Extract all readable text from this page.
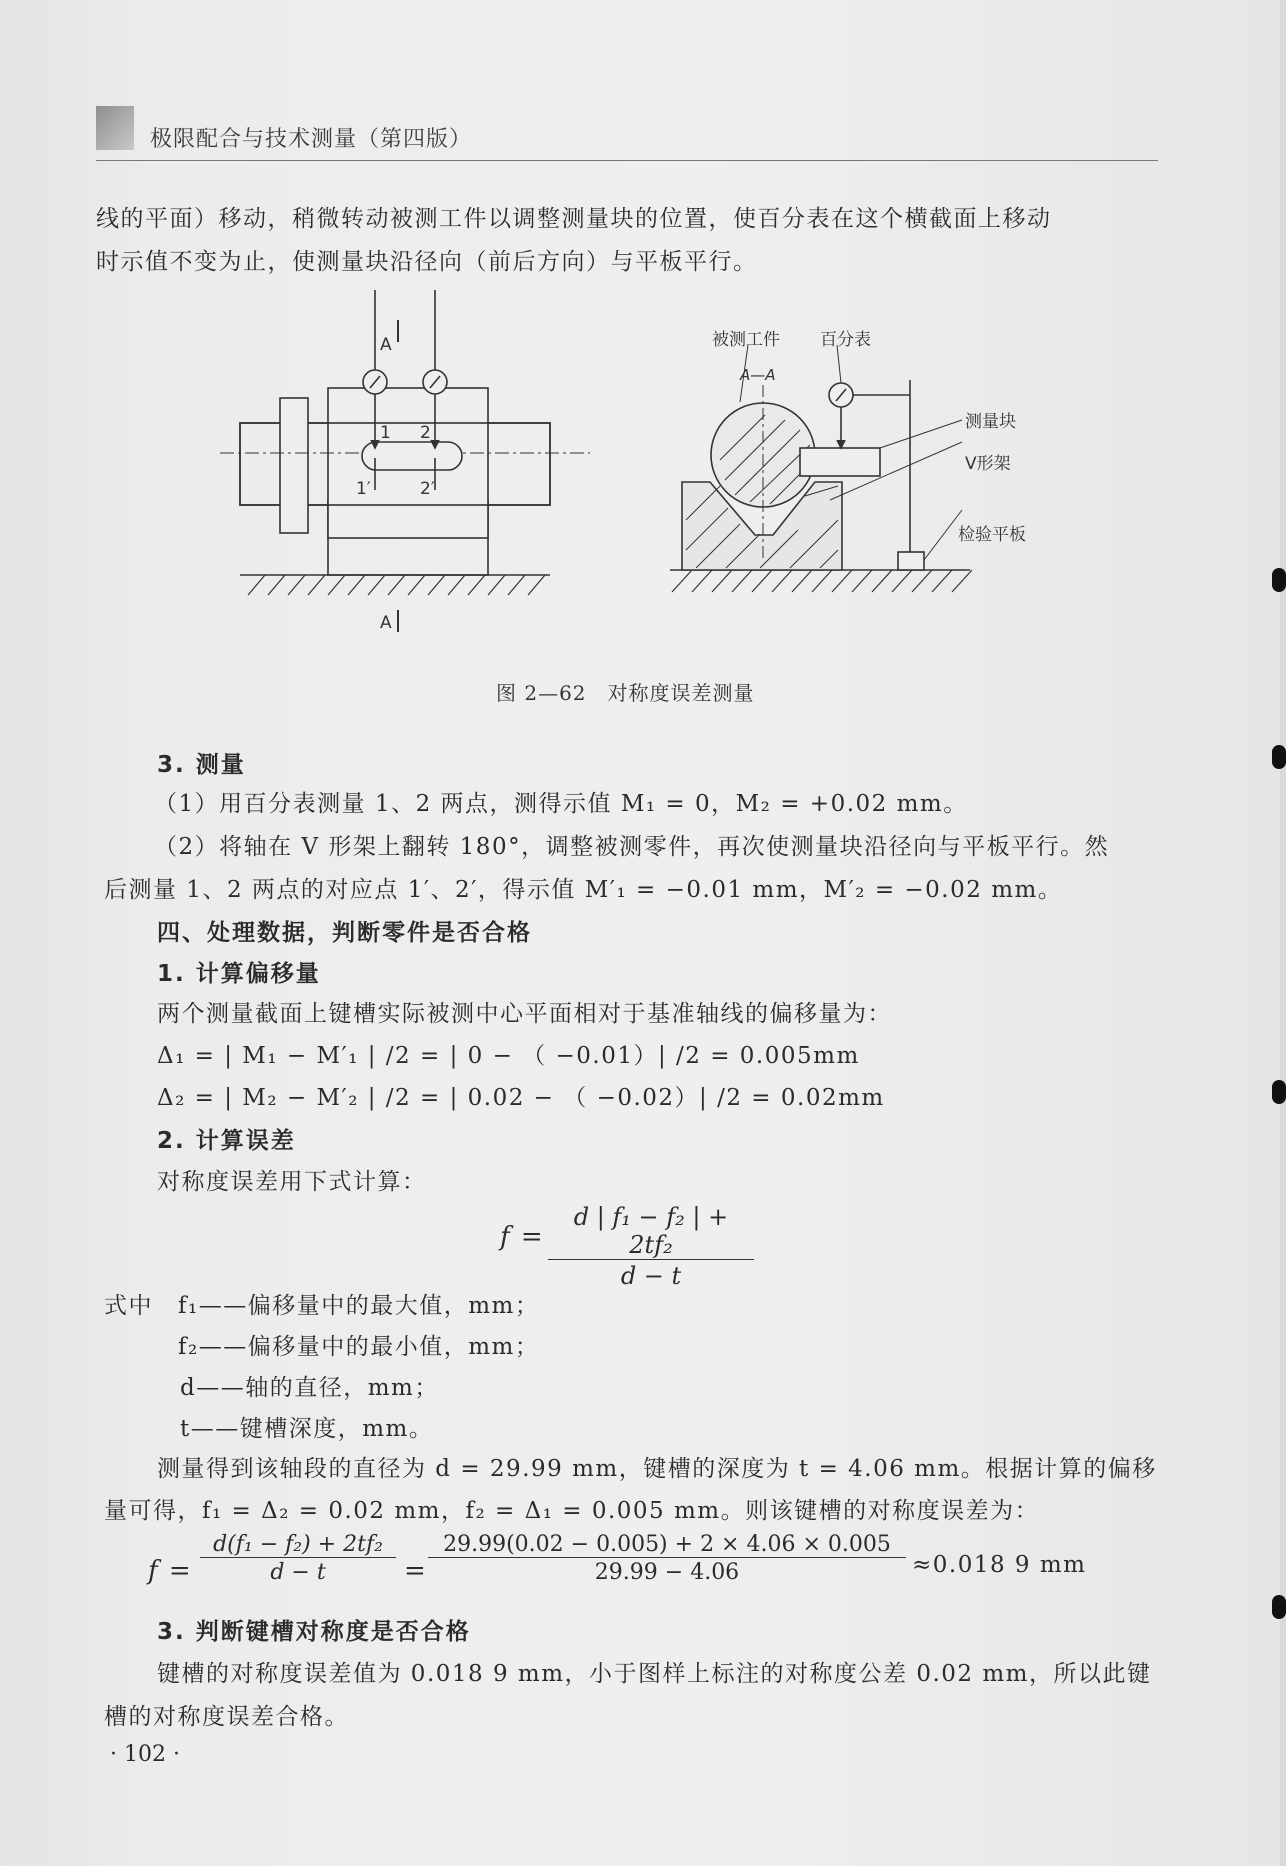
极限配合与技术测量（第四版）
线的平面）移动，稍微转动被测工件以调整测量块的位置，使百分表在这个横截面上移动
时示值不变为止，使测量块沿径向（前后方向）与平板平行。
A
A
1 2
1′	2′
被测工件 百分表
A—A
测量块
V形架
检验平板
图 2—62　对称度误差测量
3. 测量
（1）用百分表测量 1、2 两点，测得示值 M₁ = 0，M₂ = +0.02 mm。
（2）将轴在 V 形架上翻转 180°，调整被测零件，再次使测量块沿径向与平板平行。然
后测量 1、2 两点的对应点 1′、2′，得示值 M′₁ = −0.01 mm，M′₂ = −0.02 mm。
四、处理数据，判断零件是否合格
1. 计算偏移量
两个测量截面上键槽实际被测中心平面相对于基准轴线的偏移量为：
Δ₁ = | M₁ − M′₁ | /2 = | 0 − （ −0.01）| /2 = 0.005mm
Δ₂ = | M₂ − M′₂ | /2 = | 0.02 − （ −0.02）| /2 = 0.02mm
2. 计算误差
对称度误差用下式计算：
$f = \frac{\text{d | f₁ − f₂ | + 2tf₂}}{d - t}$
式中 f₁——偏移量中的最大值，mm；
f₂——偏移量中的最小值，mm；
d——轴的直径，mm；
t——键槽深度，mm。
测量得到该轴段的直径为 d = 29.99 mm，键槽的深度为 t = 4.06 mm。根据计算的偏移
量可得，f₁ = Δ₂ = 0.02 mm，f₂ = Δ₁ = 0.005 mm。则该键槽的对称度误差为：
$f = \frac{\text{d(f₁ − f₂) + 2tf₂}}{d - t} = \frac{29.99(0.02 - 0.005) + 2 \times 4.06 \times 0.005}{29.99 - 4.06} \approx 0.018$ 9 mm
3. 判断键槽对称度是否合格
键槽的对称度误差值为 0.018 9 mm，小于图样上标注的对称度公差 0.02 mm，所以此键
槽的对称度误差合格。
· 102 ·
